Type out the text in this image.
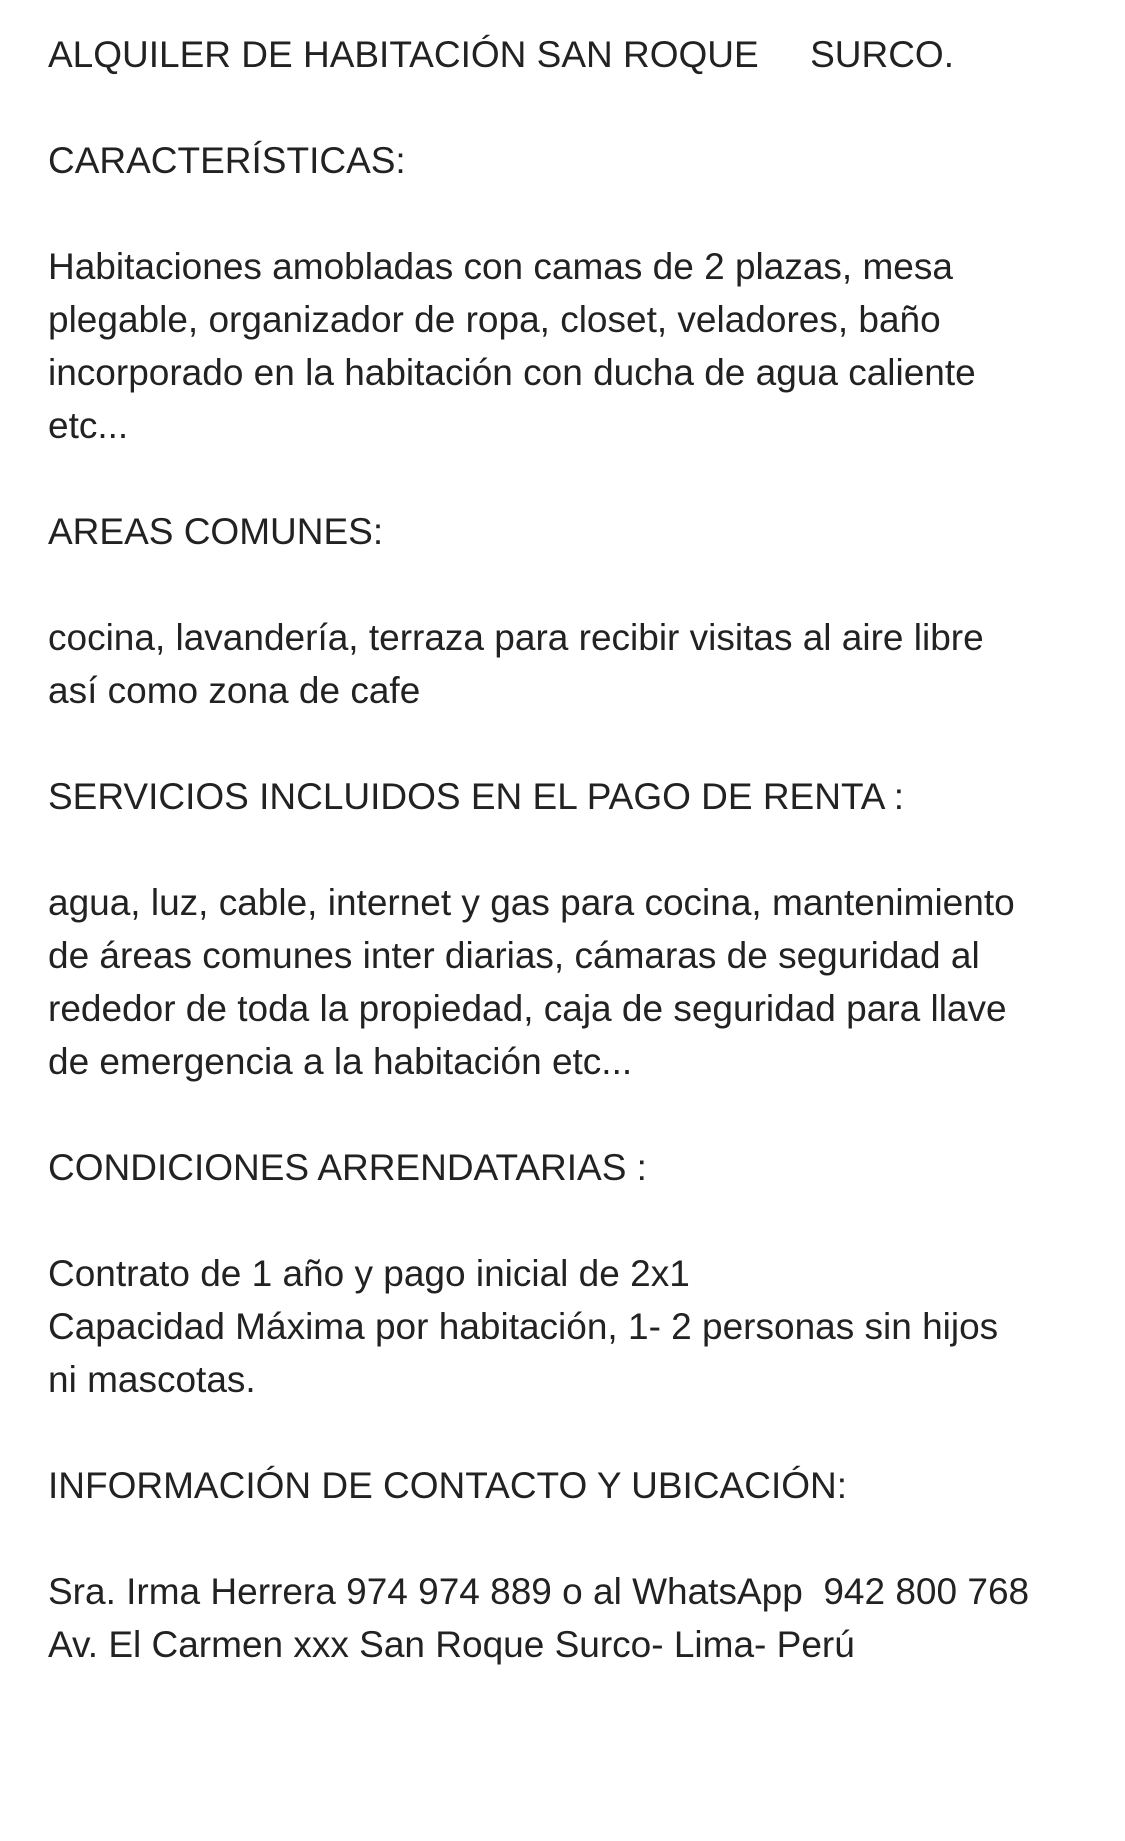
ALQUILER DE HABITACIÓN SAN ROQUE     SURCO.

CARACTERÍSTICAS:

Habitaciones amobladas con camas de 2 plazas, mesa

plegable, organizador de ropa, closet, veladores, baño

incorporado en la habitación con ducha de agua caliente

etc...

AREAS COMUNES:

cocina, lavandería, terraza para recibir visitas al aire libre

así como zona de cafe

SERVICIOS INCLUIDOS EN EL PAGO DE RENTA :

agua, luz, cable, internet y gas para cocina, mantenimiento

de áreas comunes inter diarias, cámaras de seguridad al

rededor de toda la propiedad, caja de seguridad para llave

de emergencia a la habitación etc...

CONDICIONES ARRENDATARIAS :

Contrato de 1 año y pago inicial de 2x1

Capacidad Máxima por habitación, 1- 2 personas sin hijos

ni mascotas.

INFORMACIÓN DE CONTACTO Y UBICACIÓN:

Sra. Irma Herrera 974 974 889 o al WhatsApp  942 800 768

Av. El Carmen xxx San Roque Surco- Lima- Perú
